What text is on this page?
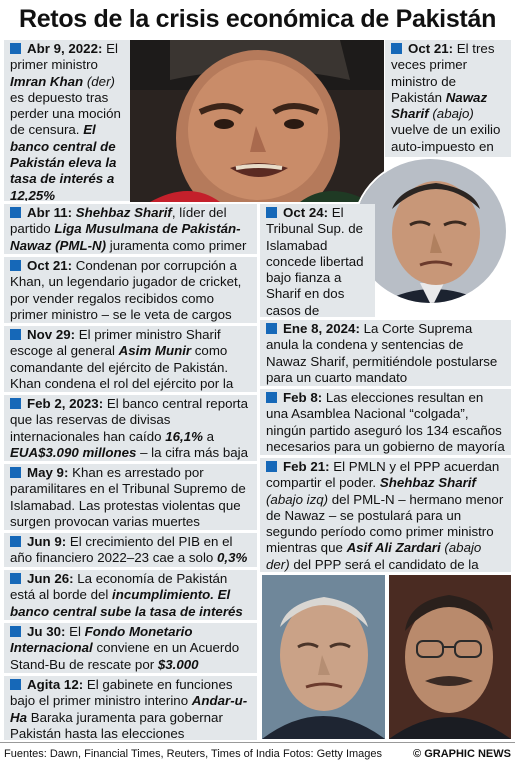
Retos de la crisis económica de Pakistán
Abr 9, 2022: El primer ministro Imran Khan (der) es depuesto tras perder una moción de censura. El banco central de Pakistán eleva la tasa de interés a 12,25%
Abr 11: Shehbaz Sharif, líder del partido Liga Musulmana de Pakistán-Nawaz (PML-N) juramenta como primer
Oct 21: Condenan por corrupción a Khan, un legendario jugador de cricket, por vender regalos recibidos como primer ministro – se le veta de cargos
Nov 29: El primer ministro Sharif escoge al general Asim Munir como comandante del ejército de Pakistán. Khan condena el rol del ejército por la
Feb 2, 2023: El banco central reporta que las reservas de divisas internacionales han caído 16,1% a EUA$3.090 millones – la cifra más baja
May 9: Khan es arrestado por paramilitares en el Tribunal Supremo de Islamabad. Las protestas violentas que surgen provocan varias muertes
Jun 9: El crecimiento del PIB en el año financiero 2022–23 cae a solo 0,3%
Jun 26: La economía de Pakistán está al borde del incumplimiento. El banco central sube la tasa de interés
Ju 30: El Fondo Monetario Internacional conviene en un Acuerdo Stand-Bu de rescate por $3.000
Agita 12: El gabinete en funciones bajo el primer ministro interino Andar-u-Ha Baraka juramenta para gobernar Pakistán hasta las elecciones
Oct 21: El tres veces primer ministro de Pakistán Nawaz Sharif (abajo) vuelve de un exilio auto-impuesto en
Oct 24: El Tribunal Sup. de Islamabad concede libertad bajo fianza a Sharif en dos casos de
Ene 8, 2024: La Corte Suprema anula la condena y sentencias de Nawaz Sharif, permitiéndole postularse para un cuarto mandato
Feb 8: Las elecciones resultan en una Asamblea Nacional “colgada”, ningún partido aseguró los 134 escaños necesarios para un gobierno de mayoría
Feb 21: El PMLN y el PPP acuerdan compartir el poder. Shehbaz Sharif (abajo izq) del PML-N – hermano menor de Nawaz – se postulará para un segundo período como primer ministro mientras que Asif Ali Zardari (abajo der) del PPP será el candidato de la
Fuentes: Dawn, Financial Times, Reuters, Times of India Fotos: Getty Images	© GRAPHIC NEWS
